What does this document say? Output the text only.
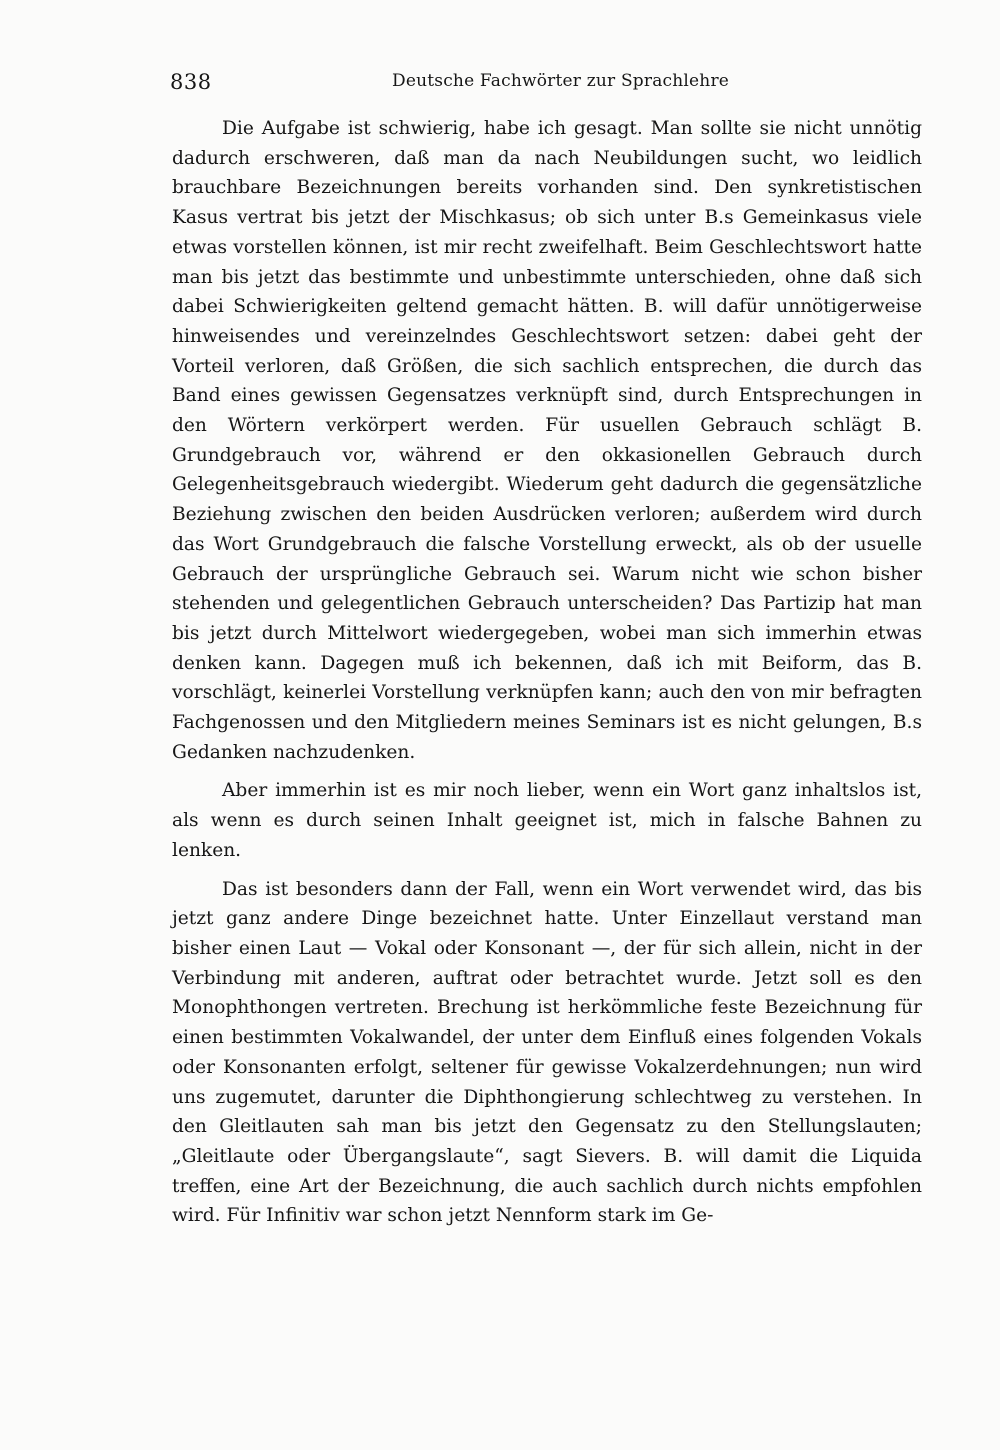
838	Deutsche Fachwörter zur Sprachlehre

Die Aufgabe ist schwierig, habe ich gesagt. Man sollte sie nicht unnötig dadurch erschweren, daß man da nach Neubildungen sucht, wo leidlich brauchbare Bezeichnungen bereits vorhanden sind. Den synkretistischen Kasus vertrat bis jetzt der Mischkasus; ob sich unter B.s Gemeinkasus viele etwas vorstellen können, ist mir recht zweifelhaft. Beim Geschlechtswort hatte man bis jetzt das bestimmte und unbestimmte unterschieden, ohne daß sich dabei Schwierigkeiten geltend gemacht hätten. B. will dafür unnötigerweise hinweisendes und vereinzelndes Geschlechtswort setzen: dabei geht der Vorteil verloren, daß Größen, die sich sachlich entsprechen, die durch das Band eines gewissen Gegensatzes verknüpft sind, durch Entsprechungen in den Wörtern verkörpert werden. Für usuellen Gebrauch schlägt B. Grundgebrauch vor, während er den okkasionellen Gebrauch durch Gelegenheitsgebrauch wiedergibt. Wiederum geht dadurch die gegensätzliche Beziehung zwischen den beiden Ausdrücken verloren; außerdem wird durch das Wort Grundgebrauch die falsche Vorstellung erweckt, als ob der usuelle Gebrauch der ursprüngliche Gebrauch sei. Warum nicht wie schon bisher stehenden und gelegentlichen Gebrauch unterscheiden? Das Partizip hat man bis jetzt durch Mittelwort wiedergegeben, wobei man sich immerhin etwas denken kann. Dagegen muß ich bekennen, daß ich mit Beiform, das B. vorschlägt, keinerlei Vorstellung verknüpfen kann; auch den von mir befragten Fachgenossen und den Mitgliedern meines Seminars ist es nicht gelungen, B.s Gedanken nachzudenken.

Aber immerhin ist es mir noch lieber, wenn ein Wort ganz inhaltslos ist, als wenn es durch seinen Inhalt geeignet ist, mich in falsche Bahnen zu lenken.

Das ist besonders dann der Fall, wenn ein Wort verwendet wird, das bis jetzt ganz andere Dinge bezeichnet hatte. Unter Einzellaut verstand man bisher einen Laut — Vokal oder Konsonant —, der für sich allein, nicht in der Verbindung mit anderen, auftrat oder betrachtet wurde. Jetzt soll es den Monophthongen vertreten. Brechung ist herkömmliche feste Bezeichnung für einen bestimmten Vokalwandel, der unter dem Einfluß eines folgenden Vokals oder Konsonanten erfolgt, seltener für gewisse Vokalzerdehnungen; nun wird uns zugemutet, darunter die Diphthongierung schlechtweg zu verstehen. In den Gleitlauten sah man bis jetzt den Gegensatz zu den Stellungslauten; „Gleitlaute oder Übergangslaute“, sagt Sievers. B. will damit die Liquida treffen, eine Art der Bezeichnung, die auch sachlich durch nichts empfohlen wird. Für Infinitiv war schon jetzt Nennform stark im Ge-
